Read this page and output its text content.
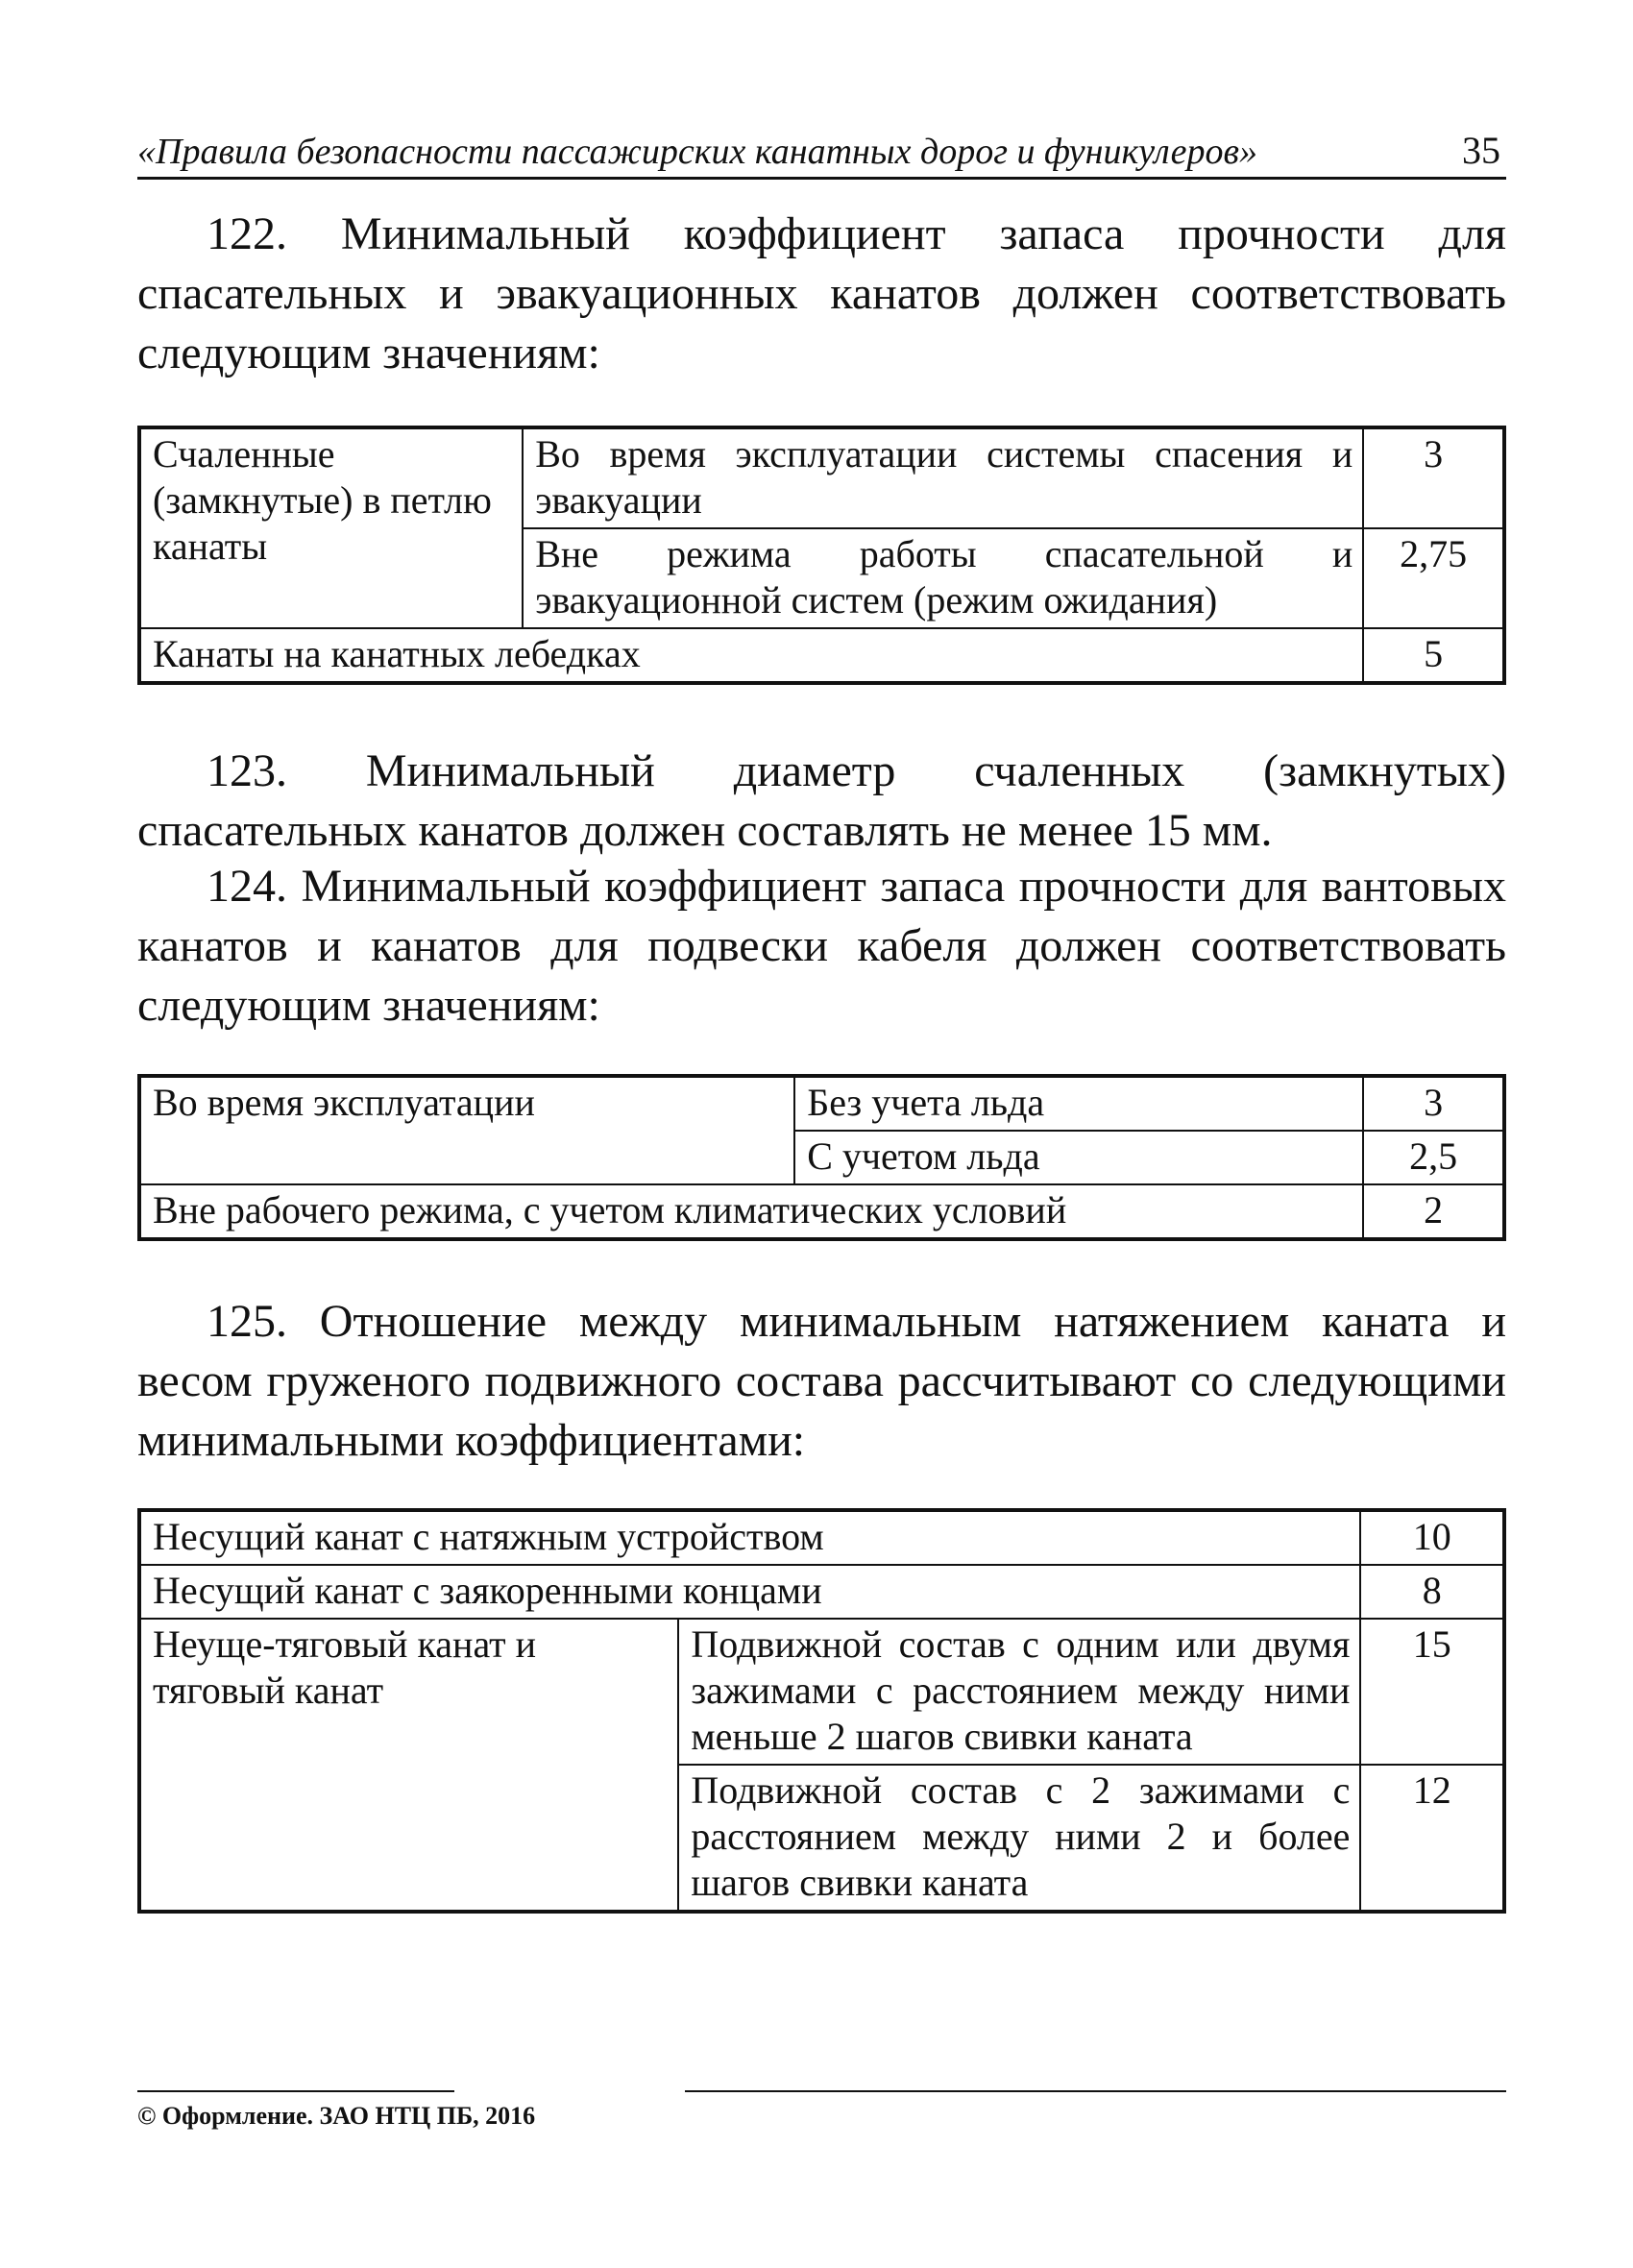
«Правила безопасности пассажирских канатных дорог и фуникулеров»	35

122. Минимальный коэффициент запаса прочности для спасательных и эвакуационных канатов должен соответствовать следующим значениям:

Счаленные (замкнутые) в петлю канаты	Во время эксплуатации системы спасения и эвакуации	3
	Вне режима работы спасательной и эвакуационной систем (режим ожидания)	2,75
Канаты на канатных лебедках		5

123. Минимальный диаметр счаленных (замкнутых) спасательных канатов должен составлять не менее 15 мм.

124. Минимальный коэффициент запаса прочности для вантовых канатов и канатов для подвески кабеля должен соответствовать следующим значениям:

Во время эксплуатации	Без учета льда	3
	С учетом льда	2,5
Вне рабочего режима, с учетом климатических условий		2

125. Отношение между минимальным натяжением каната и весом груженого подвижного состава рассчитывают со следующими минимальными коэффициентами:

Несущий канат с натяжным устройством		10
Несущий канат с заякоренными концами		8
Неуще-тяговый канат и тяговый канат	Подвижной состав с одним или двумя зажимами с расстоянием между ними меньше 2 шагов свивки каната	15
	Подвижной состав с 2 зажимами с расстоянием между ними 2 и более шагов свивки каната	12
© Оформление. ЗАО НТЦ ПБ, 2016
